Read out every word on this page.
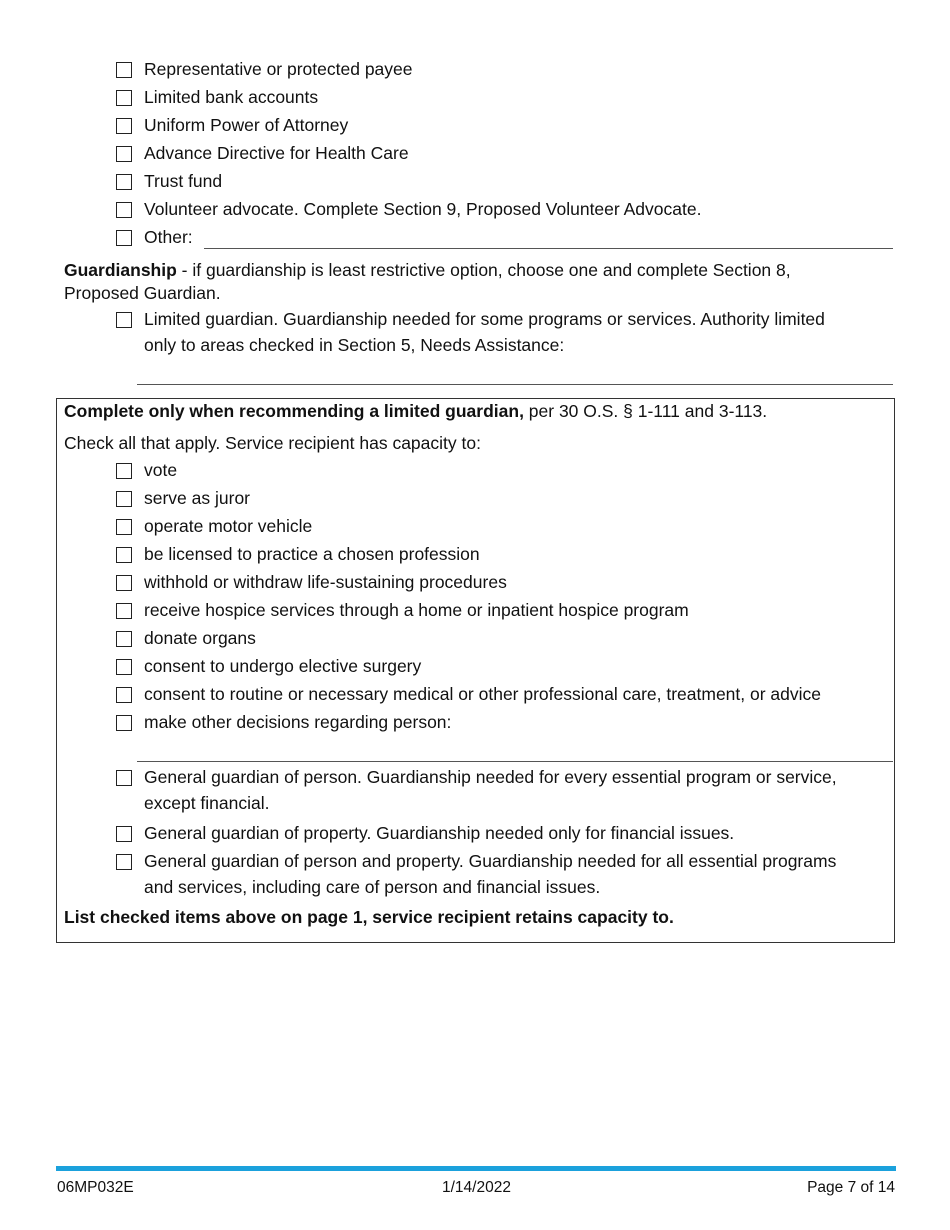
Representative or protected payee
Limited bank accounts
Uniform Power of Attorney
Advance Directive for Health Care
Trust fund
Volunteer advocate. Complete Section 9, Proposed Volunteer Advocate.
Other:
Guardianship - if guardianship is least restrictive option, choose one and complete Section 8,
Proposed Guardian.
Limited guardian. Guardianship needed for some programs or services. Authority limited
only to areas checked in Section 5, Needs Assistance:
Complete only when recommending a limited guardian, per 30 O.S. § 1-111 and 3-113.
Check all that apply. Service recipient has capacity to:
vote
serve as juror
operate motor vehicle
be licensed to practice a chosen profession
withhold or withdraw life-sustaining procedures
receive hospice services through a home or inpatient hospice program
donate organs
consent to undergo elective surgery
consent to routine or necessary medical or other professional care, treatment, or advice
make other decisions regarding person:
General guardian of person. Guardianship needed for every essential program or service,
except financial.
General guardian of property. Guardianship needed only for financial issues.
General guardian of person and property. Guardianship needed for all essential programs
and services, including care of person and financial issues.
List checked items above on page 1, service recipient retains capacity to.
06MP032E	1/14/2022	Page 7 of 14
